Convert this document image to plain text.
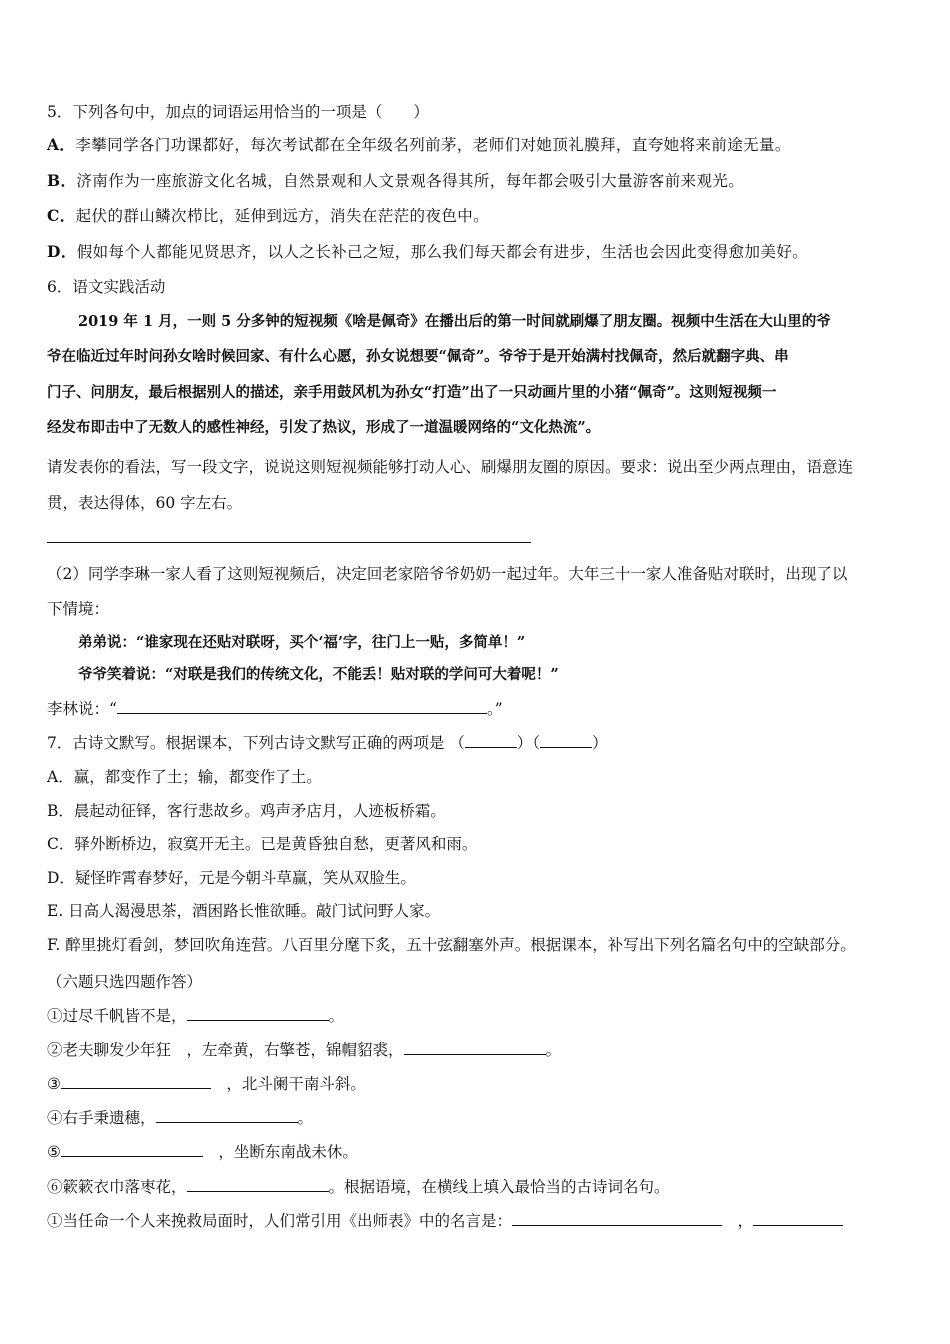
5．下列各句中，加点的词语运用恰当的一项是（　　）
A．李攀同学各门功课都好，每次考试都在全年级名列前茅，老师们对她顶礼膜拜，直夸她将来前途无量。
B．济南作为一座旅游文化名城，自然景观和人文景观各得其所，每年都会吸引大量游客前来观光。
C．起伏的群山鳞次栉比，延伸到远方，消失在茫茫的夜色中。
D．假如每个人都能见贤思齐，以人之长补己之短，那么我们每天都会有进步，生活也会因此变得愈加美好。
6．语文实践活动
2019 年 1 月，一则 5 分多钟的短视频《啥是佩奇》在播出后的第一时间就刷爆了朋友圈。视频中生活在大山里的爷
爷在临近过年时问孙女啥时候回家、有什么心愿，孙女说想要“佩奇”。爷爷于是开始满村找佩奇，然后就翻字典、串
门子、问朋友，最后根据别人的描述，亲手用鼓风机为孙女“打造”出了一只动画片里的小猪“佩奇”。这则短视频一
经发布即击中了无数人的感性神经，引发了热议，形成了一道温暖网络的“文化热流”。
请发表你的看法，写一段文字，说说这则短视频能够打动人心、刷爆朋友圈的原因。要求：说出至少两点理由，语意连
贯，表达得体，60 字左右。
（2）同学李琳一家人看了这则短视频后，决定回老家陪爷爷奶奶一起过年。大年三十一家人准备贴对联时，出现了以
下情境：
弟弟说：“谁家现在还贴对联呀，买个‘福’字，往门上一贴，多简单！”
爷爷笑着说：“对联是我们的传统文化，不能丢！贴对联的学问可大着呢！”
李林说：“	。”
7．古诗文默写。根据课本，下列古诗文默写正确的两项是 （	）（	）
A．赢，都变作了土；输，都变作了土。
B．晨起动征铎，客行悲故乡。鸡声矛店月，人迹板桥霜。
C．驿外断桥边，寂寞开无主。已是黄昏独自愁，更著风和雨。
D．疑怪昨霄春梦好，元是今朝斗草赢，笑从双脸生。
E. 日高人渴漫思茶，酒困路长惟欲睡。敲门试问野人家。
F. 醉里挑灯看剑，梦回吹角连营。八百里分麾下炙，五十弦翻塞外声。根据课本，补写出下列名篇名句中的空缺部分。
（六题只选四题作答）
①过尽千帆皆不是，	。
②老夫聊发少年狂　，左牵黄，右擎苍，锦帽貂裘，	。
③	　，北斗阑干南斗斜。
④右手秉遗穗，	。
⑤	　，坐断东南战未休。
⑥簌簌衣巾落枣花，	。根据语境，在横线上填入最恰当的古诗词名句。
①当任命一个人来挽救局面时，人们常引用《出师表》中的名言是：	　，
